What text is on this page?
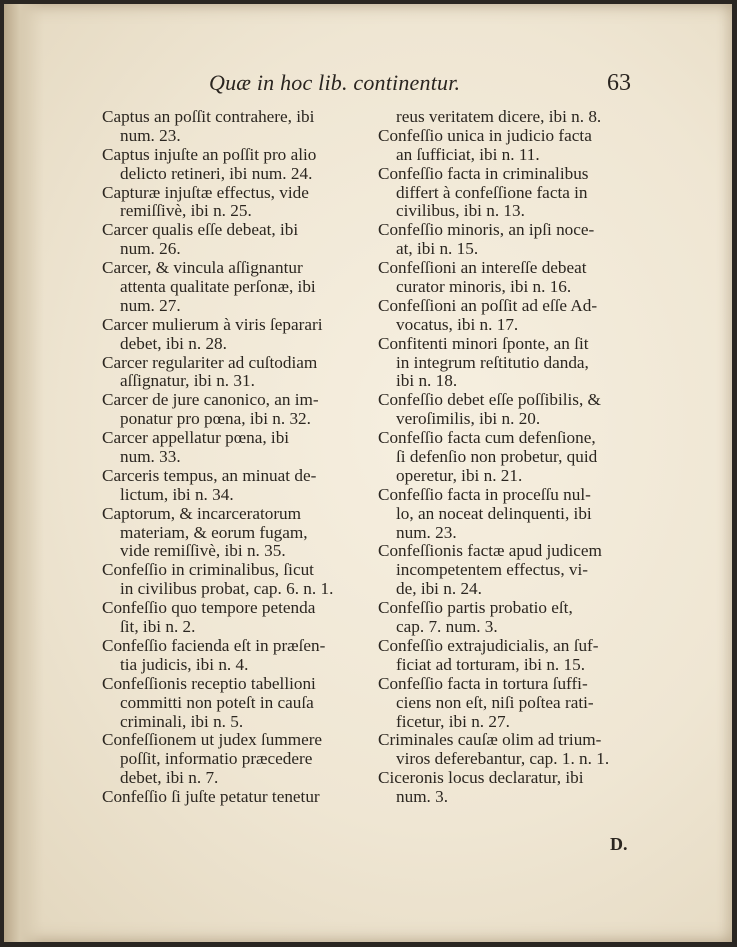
Quæ in hoc lib. continentur.	63
Captus an poſſit contrahere, ibi
num. 23.
Captus injuſte an poſſit pro alio
delicto retineri, ibi num. 24.
Capturæ injuſtæ effectus, vide
remiſſivè, ibi n. 25.
Carcer qualis eſſe debeat, ibi
num. 26.
Carcer, & vincula aſſignantur
attenta qualitate perſonæ, ibi
num. 27.
Carcer mulierum à viris ſeparari
debet, ibi n. 28.
Carcer regulariter ad cuſtodiam
aſſignatur, ibi n. 31.
Carcer de jure canonico, an im-
ponatur pro pœna, ibi n. 32.
Carcer appellatur pœna, ibi
num. 33.
Carceris tempus, an minuat de-
lictum, ibi n. 34.
Captorum, & incarceratorum
materiam, & eorum fugam,
vide remiſſivè, ibi n. 35.
Confeſſio in criminalibus, ſicut
in civilibus probat, cap. 6. n. 1.
Confeſſio quo tempore petenda
ſit, ibi n. 2.
Confeſſio facienda eſt in præſen-
tia judicis, ibi n. 4.
Confeſſionis receptio tabellioni
committi non poteſt in cauſa
criminali, ibi n. 5.
Confeſſionem ut judex ſummere
poſſit, informatio præcedere
debet, ibi n. 7.
Confeſſio ſi juſte petatur tenetur
reus veritatem dicere, ibi n. 8.
Confeſſio unica in judicio facta
an ſufficiat, ibi n. 11.
Confeſſio facta in criminalibus
differt à confeſſione facta in
civilibus, ibi n. 13.
Confeſſio minoris, an ipſi noce-
at, ibi n. 15.
Confeſſioni an intereſſe debeat
curator minoris, ibi n. 16.
Confeſſioni an poſſit ad eſſe Ad-
vocatus, ibi n. 17.
Confitenti minori ſponte, an ſit
in integrum reſtitutio danda,
ibi n. 18.
Confeſſio debet eſſe poſſibilis, &
veroſimilis, ibi n. 20.
Confeſſio facta cum defenſione,
ſi defenſio non probetur, quid
operetur, ibi n. 21.
Confeſſio facta in proceſſu nul-
lo, an noceat delinquenti, ibi
num. 23.
Confeſſionis factæ apud judicem
incompetentem effectus, vi-
de, ibi n. 24.
Confeſſio partis probatio eſt,
cap. 7. num. 3.
Confeſſio extrajudicialis, an ſuf-
ficiat ad torturam, ibi n. 15.
Confeſſio facta in tortura ſuffi-
ciens non eſt, niſi poſtea rati-
ficetur, ibi n. 27.
Criminales cauſæ olim ad trium-
viros deferebantur, cap. 1. n. 1.
Ciceronis locus declaratur, ibi
num. 3.
D.
